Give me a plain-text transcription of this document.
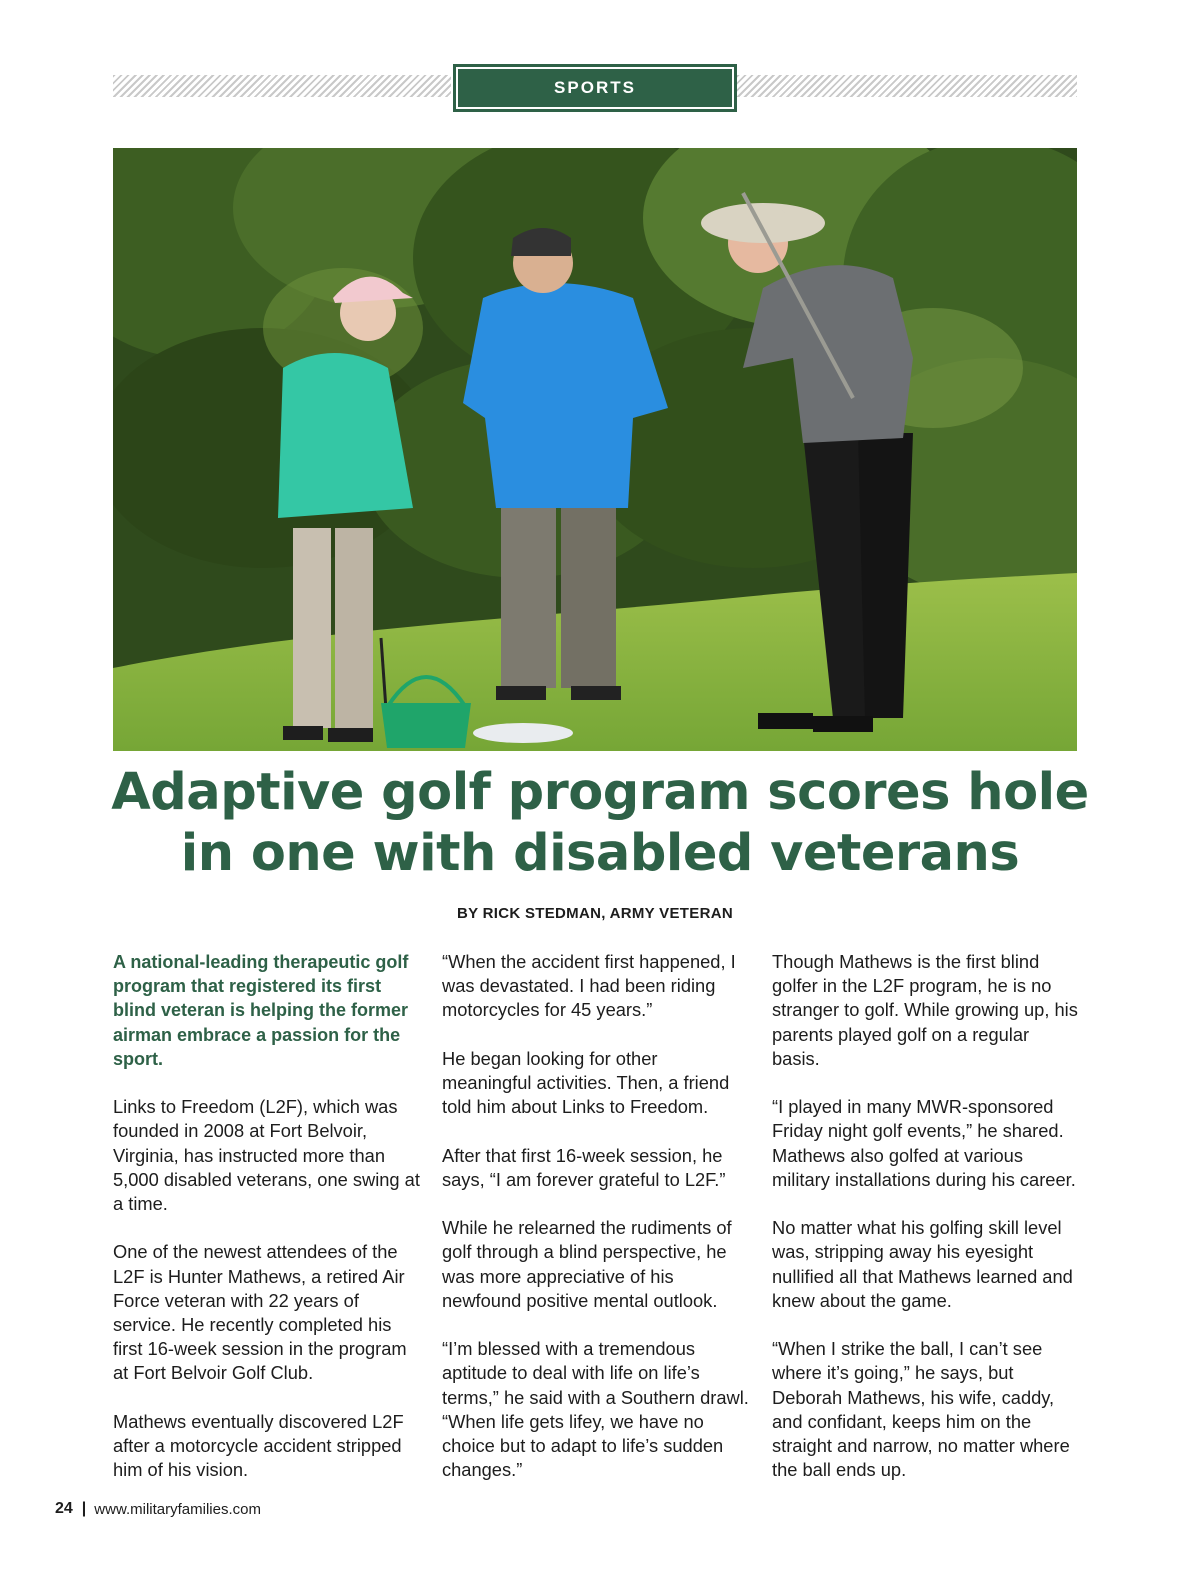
SPORTS
Adaptive golf program scores hole
in one with disabled veterans
BY RICK STEDMAN, ARMY VETERAN

A national-leading therapeutic golf program that registered its first blind veteran is helping the former airman embrace a passion for the sport.

Links to Freedom (L2F), which was founded in 2008 at Fort Belvoir, Virginia, has instructed more than 5,000 disabled veterans, one swing at a time.

One of the newest attendees of the L2F is Hunter Mathews, a retired Air Force veteran with 22 years of service. He recently completed his first 16-week session in the program at Fort Belvoir Golf Club.

Mathews eventually discovered L2F after a motorcycle accident stripped him of his vision.

“When the accident first happened, I was devastated. I had been riding motorcycles for 45 years.”

He began looking for other meaningful activities. Then, a friend told him about Links to Freedom.

After that first 16-week session, he says, “I am forever grateful to L2F.”

While he relearned the rudiments of golf through a blind perspective, he was more appreciative of his newfound positive mental outlook.

“I’m blessed with a tremendous aptitude to deal with life on life’s terms,” he said with a Southern drawl. “When life gets lifey, we have no choice but to adapt to life’s sudden changes.”

Though Mathews is the first blind golfer in the L2F program, he is no stranger to golf. While growing up, his parents played golf on a regular basis.

“I played in many MWR-sponsored Friday night golf events,” he shared. Mathews also golfed at various military installations during his career.

No matter what his golfing skill level was, stripping away his eyesight nullified all that Mathews learned and knew about the game.

“When I strike the ball, I can’t see where it’s going,” he says, but Deborah Mathews, his wife, caddy, and confidant, keeps him on the straight and narrow, no matter where the ball ends up.

24 | www.militaryfamilies.com
